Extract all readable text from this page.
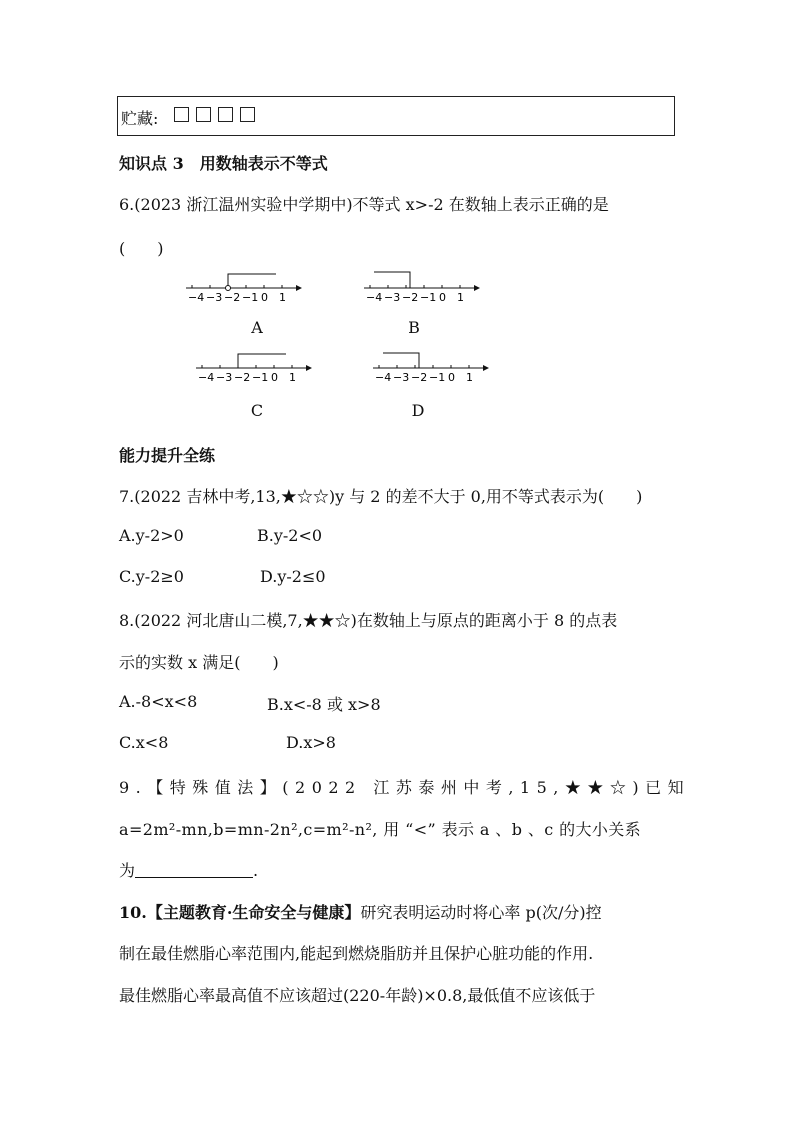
贮藏:

知识点 3　用数轴表示不等式
6.(2023 浙江温州实验中学期中)不等式 x>-2 在数轴上表示正确的是
(　　)
−4 −3 −2 −1 0 1
A
−4 −3 −2 −1 0 1
B
−4 −3 −2 −1 0 1
C
−4 −3 −2 −1 0 1
D
能力提升全练
7.(2022 吉林中考,13,★☆☆)y 与 2 的差不大于 0,用不等式表示为(　　)
A.y-2>0	B.y-2<0
C.y-2≥0	D.y-2≤0
8.(2022 河北唐山二模,7,★★☆)在数轴上与原点的距离小于 8 的点表
示的实数 x 满足(　　)
A.-8<x<8	B.x<-8 或 x>8
C.x<8	D.x>8
9.【特殊值法】(2022 江苏泰州中考,15,★★☆)已知
a=2m²-mn,b=mn-2n²,c=m²-n², 用 “<” 表示 a 、b 、c 的大小关系
为	.
10.【主题教育·生命安全与健康】研究表明运动时将心率 p(次/分)控
制在最佳燃脂心率范围内,能起到燃烧脂肪并且保护心脏功能的作用.
最佳燃脂心率最高值不应该超过(220-年龄)×0.8,最低值不应该低于
